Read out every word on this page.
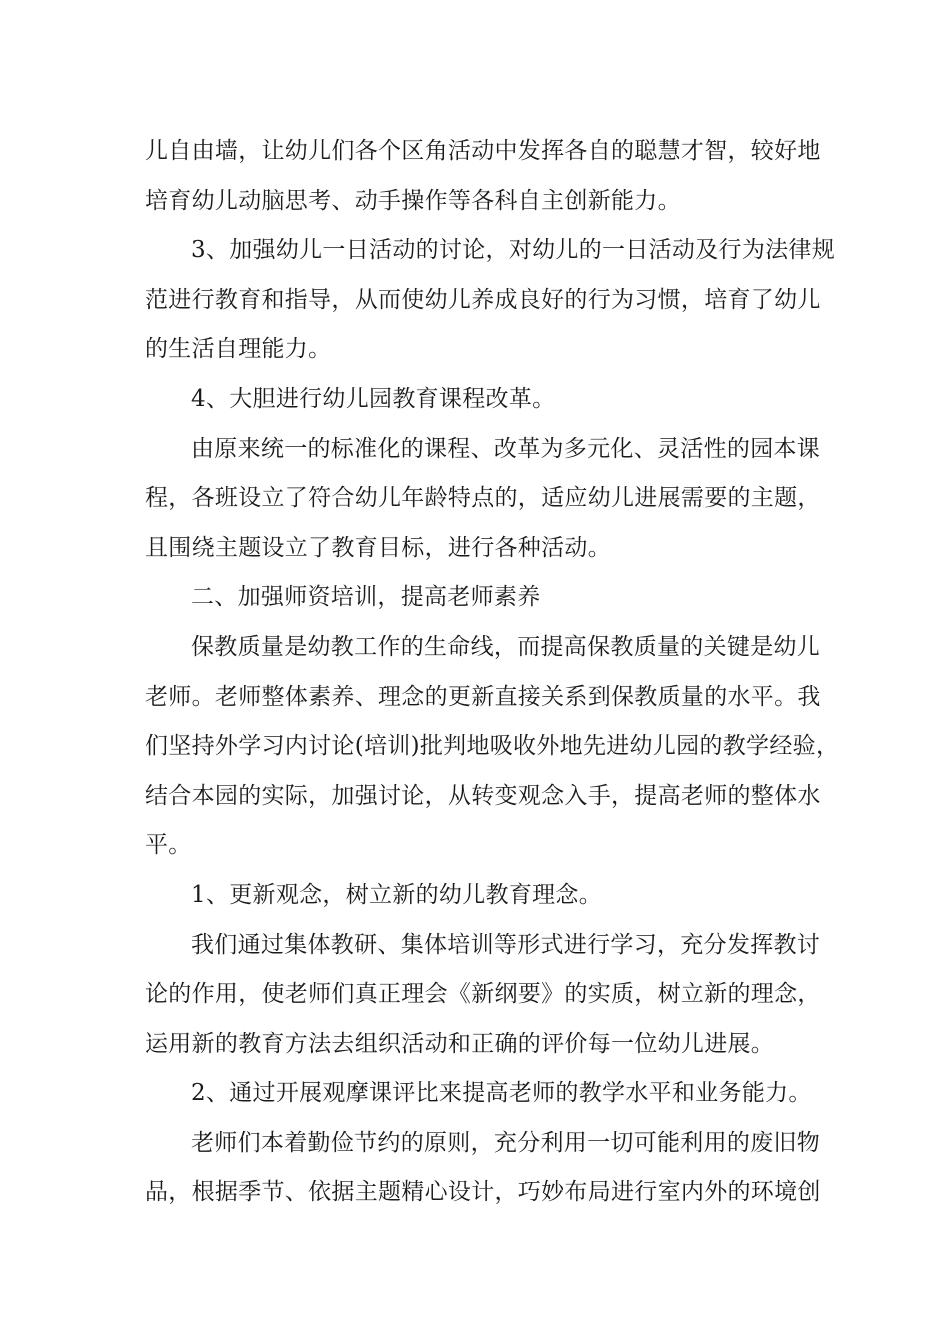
儿自由墙，让幼儿们各个区角活动中发挥各自的聪慧才智，较好地
培育幼儿动脑思考、动手操作等各科自主创新能力。
3、加强幼儿一日活动的讨论，对幼儿的一日活动及行为法律规
范进行教育和指导，从而使幼儿养成良好的行为习惯，培育了幼儿
的生活自理能力。
4、大胆进行幼儿园教育课程改革。
由原来统一的标准化的课程、改革为多元化、灵活性的园本课
程，各班设立了符合幼儿年龄特点的，适应幼儿进展需要的主题，
且围绕主题设立了教育目标，进行各种活动。
二、加强师资培训，提高老师素养
保教质量是幼教工作的生命线，而提高保教质量的关键是幼儿
老师。老师整体素养、理念的更新直接关系到保教质量的水平。我
们坚持外学习内讨论(培训)批判地吸收外地先进幼儿园的教学经验，
结合本园的实际，加强讨论，从转变观念入手，提高老师的整体水
平。
1、更新观念，树立新的幼儿教育理念。
我们通过集体教研、集体培训等形式进行学习，充分发挥教讨
论的作用，使老师们真正理会《新纲要》的实质，树立新的理念，
运用新的教育方法去组织活动和正确的评价每一位幼儿进展。
2、通过开展观摩课评比来提高老师的教学水平和业务能力。
老师们本着勤俭节约的原则，充分利用一切可能利用的废旧物
品，根据季节、依据主题精心设计，巧妙布局进行室内外的环境创
